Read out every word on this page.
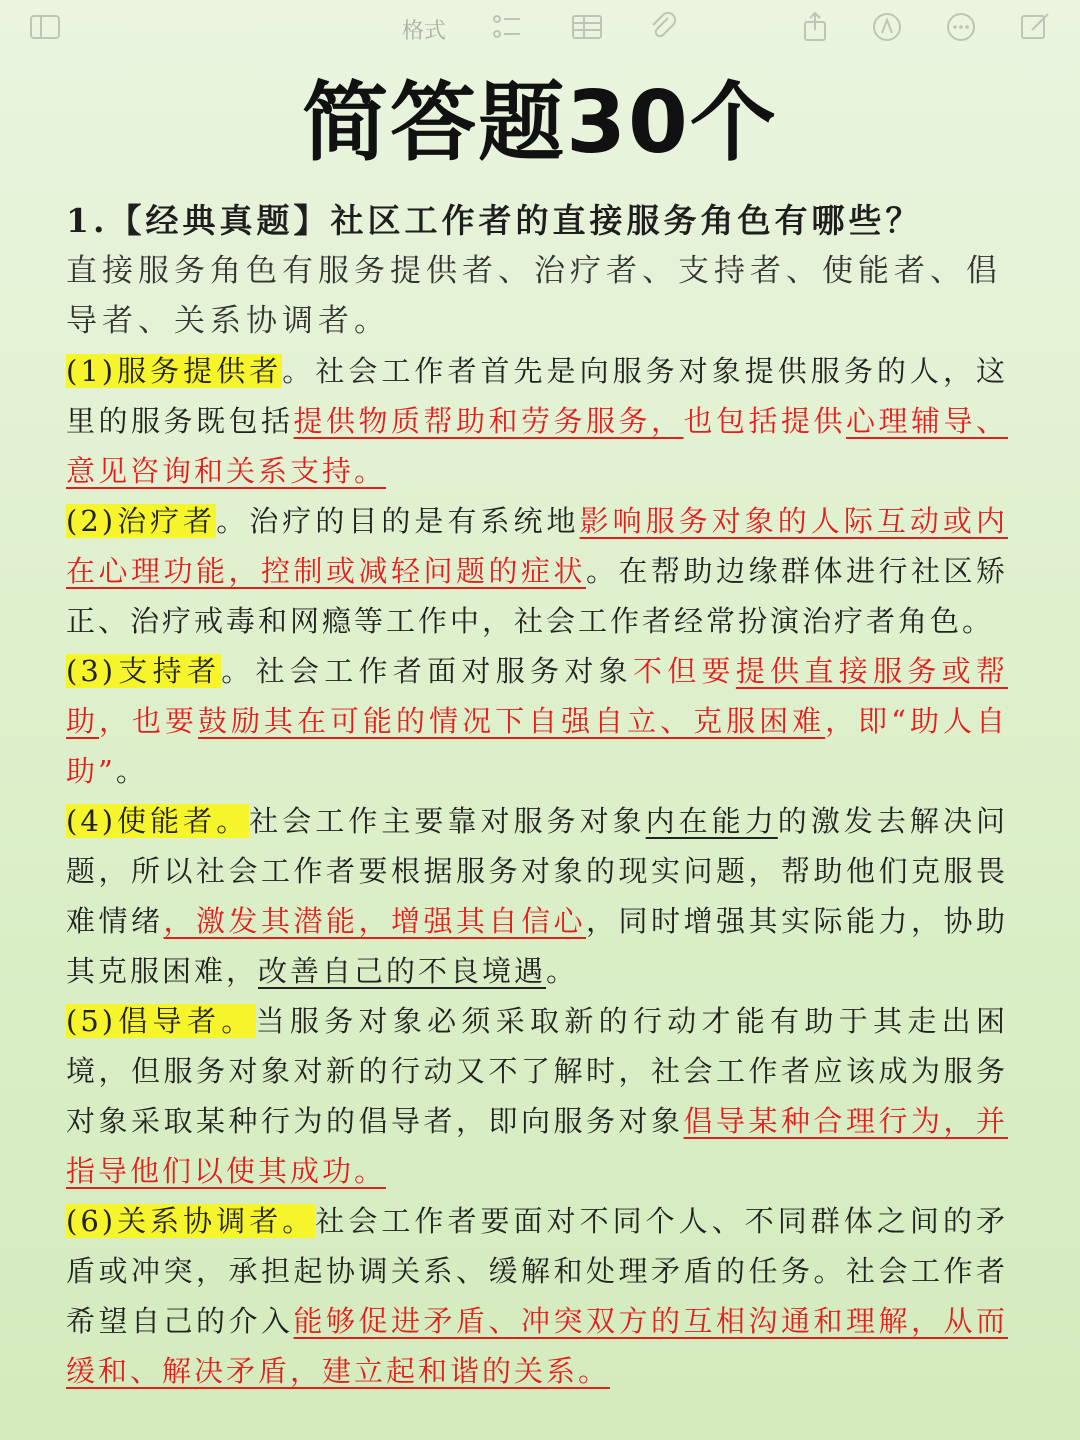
格式
简答题30个

1.【经典真题】社区工作者的直接服务角色有哪些？

直接服务角色有服务提供者、治疗者、支持者、使能者、倡导者、关系协调者。

(1)服务提供者。社会工作者首先是向服务对象提供服务的人，这里的服务既包括提供物质帮助和劳务服务，也包括提供心理辅导、意见咨询和关系支持。

(2)治疗者。治疗的目的是有系统地影响服务对象的人际互动或内在心理功能，控制或减轻问题的症状。在帮助边缘群体进行社区矫正、治疗戒毒和网瘾等工作中，社会工作者经常扮演治疗者角色。

(3)支持者。社会工作者面对服务对象不但要提供直接服务或帮助，也要鼓励其在可能的情况下自强自立、克服困难，即“助人自助”。

(4)使能者。社会工作主要靠对服务对象内在能力的激发去解决问题，所以社会工作者要根据服务对象的现实问题，帮助他们克服畏难情绪，激发其潜能，增强其自信心，同时增强其实际能力，协助其克服困难，改善自己的不良境遇。

(5)倡导者。当服务对象必须采取新的行动才能有助于其走出困境，但服务对象对新的行动又不了解时，社会工作者应该成为服务对象采取某种行为的倡导者，即向服务对象倡导某种合理行为，并指导他们以使其成功。

(6)关系协调者。社会工作者要面对不同个人、不同群体之间的矛盾或冲突，承担起协调关系、缓解和处理矛盾的任务。社会工作者希望自己的介入能够促进矛盾、冲突双方的互相沟通和理解，从而缓和、解决矛盾，建立起和谐的关系。
